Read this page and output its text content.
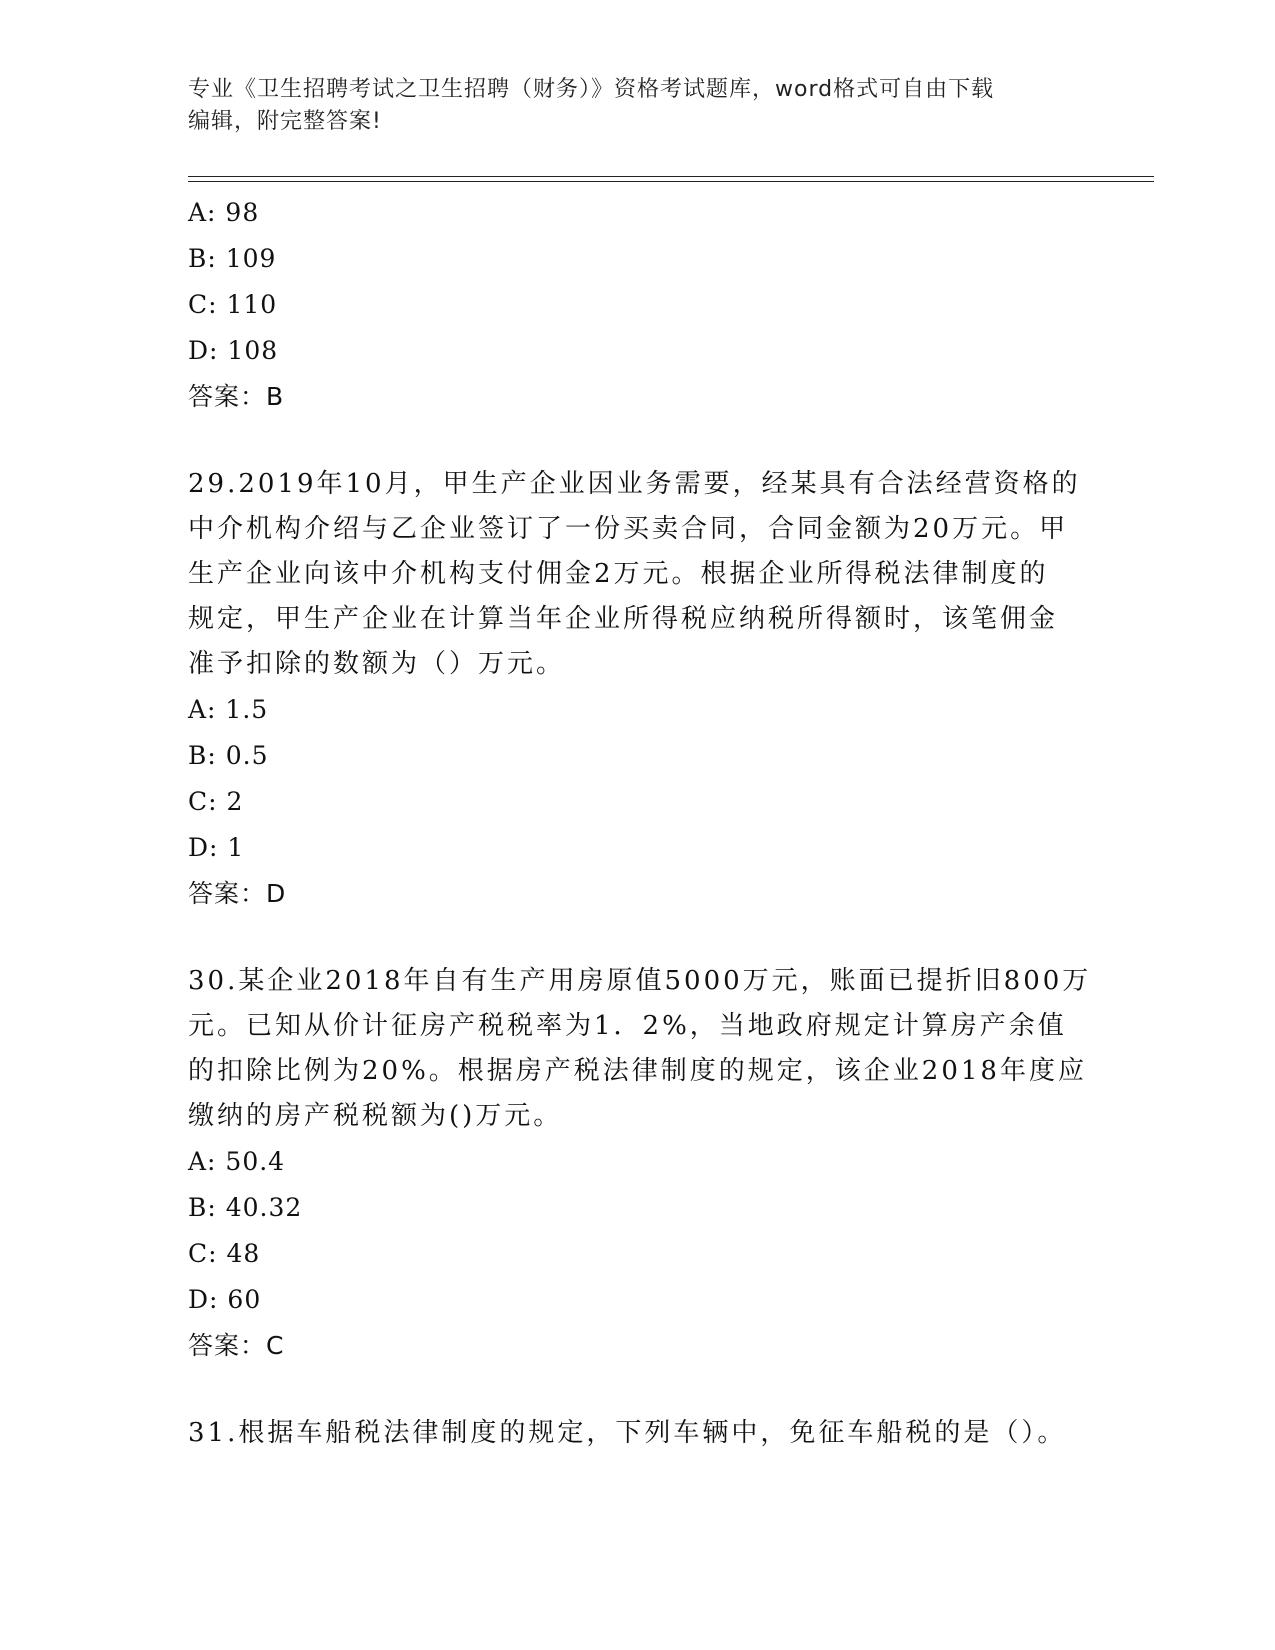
专业《卫生招聘考试之卫生招聘（财务）》资格考试题库，word格式可自由下载
编辑，附完整答案!
A: 98
B: 109
C: 110
D: 108
答案：B
29.2019年10月，甲生产企业因业务需要，经某具有合法经营资格的
中介机构介绍与乙企业签订了一份买卖合同，合同金额为20万元。甲
生产企业向该中介机构支付佣金2万元。根据企业所得税法律制度的
规定，甲生产企业在计算当年企业所得税应纳税所得额时，该笔佣金
准予扣除的数额为（）万元。
A: 1.5
B: 0.5
C: 2
D: 1
答案：D
30.某企业2018年自有生产用房原值5000万元，账面已提折旧800万
元。已知从价计征房产税税率为1．2%，当地政府规定计算房产余值
的扣除比例为20%。根据房产税法律制度的规定，该企业2018年度应
缴纳的房产税税额为()万元。
A: 50.4
B: 40.32
C: 48
D: 60
答案：C
31.根据车船税法律制度的规定，下列车辆中，免征车船税的是（）。
